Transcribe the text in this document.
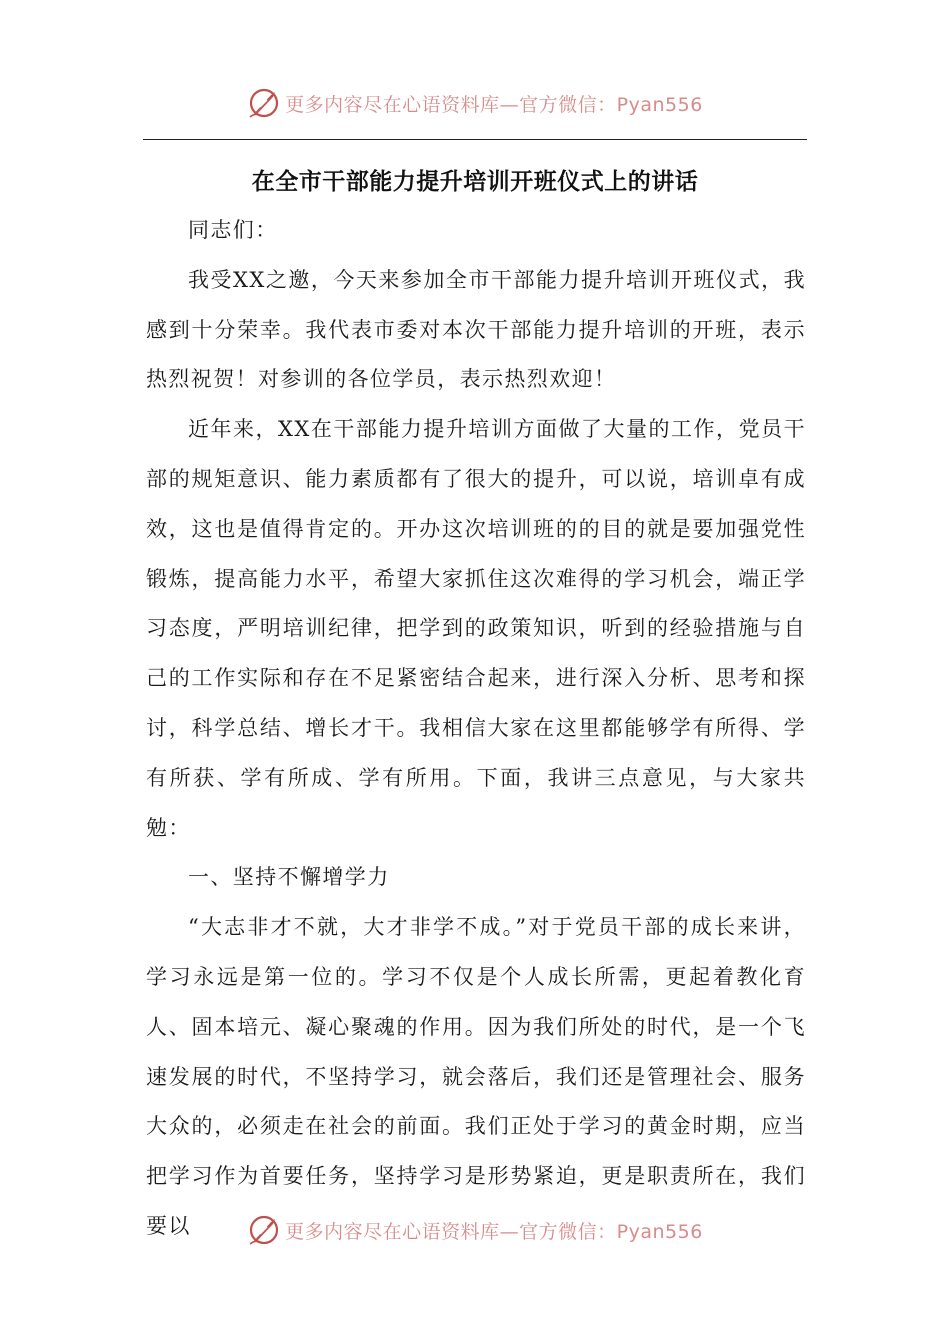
更多内容尽在心语资料库—官方微信：Pyan556
在全市干部能力提升培训开班仪式上的讲话

同志们：

我受XX之邀，今天来参加全市干部能力提升培训开班仪式，我感到十分荣幸。我代表市委对本次干部能力提升培训的开班，表示热烈祝贺！对参训的各位学员，表示热烈欢迎！

近年来，XX在干部能力提升培训方面做了大量的工作，党员干部的规矩意识、能力素质都有了很大的提升，可以说，培训卓有成效，这也是值得肯定的。开办这次培训班的的目的就是要加强党性锻炼，提高能力水平，希望大家抓住这次难得的学习机会，端正学习态度，严明培训纪律，把学到的政策知识，听到的经验措施与自己的工作实际和存在不足紧密结合起来，进行深入分析、思考和探讨，科学总结、增长才干。我相信大家在这里都能够学有所得、学有所获、学有所成、学有所用。下面，我讲三点意见，与大家共勉：

一、坚持不懈增学力

“大志非才不就，大才非学不成。”对于党员干部的成长来讲，学习永远是第一位的。学习不仅是个人成长所需，更起着教化育人、固本培元、凝心聚魂的作用。因为我们所处的时代，是一个飞速发展的时代，不坚持学习，就会落后，我们还是管理社会、服务大众的，必须走在社会的前面。我们正处于学习的黄金时期，应当把学习作为首要任务，坚持学习是形势紧迫，更是职责所在，我们要以	更多内容尽在心语资料库—官方微信：Pyan556
